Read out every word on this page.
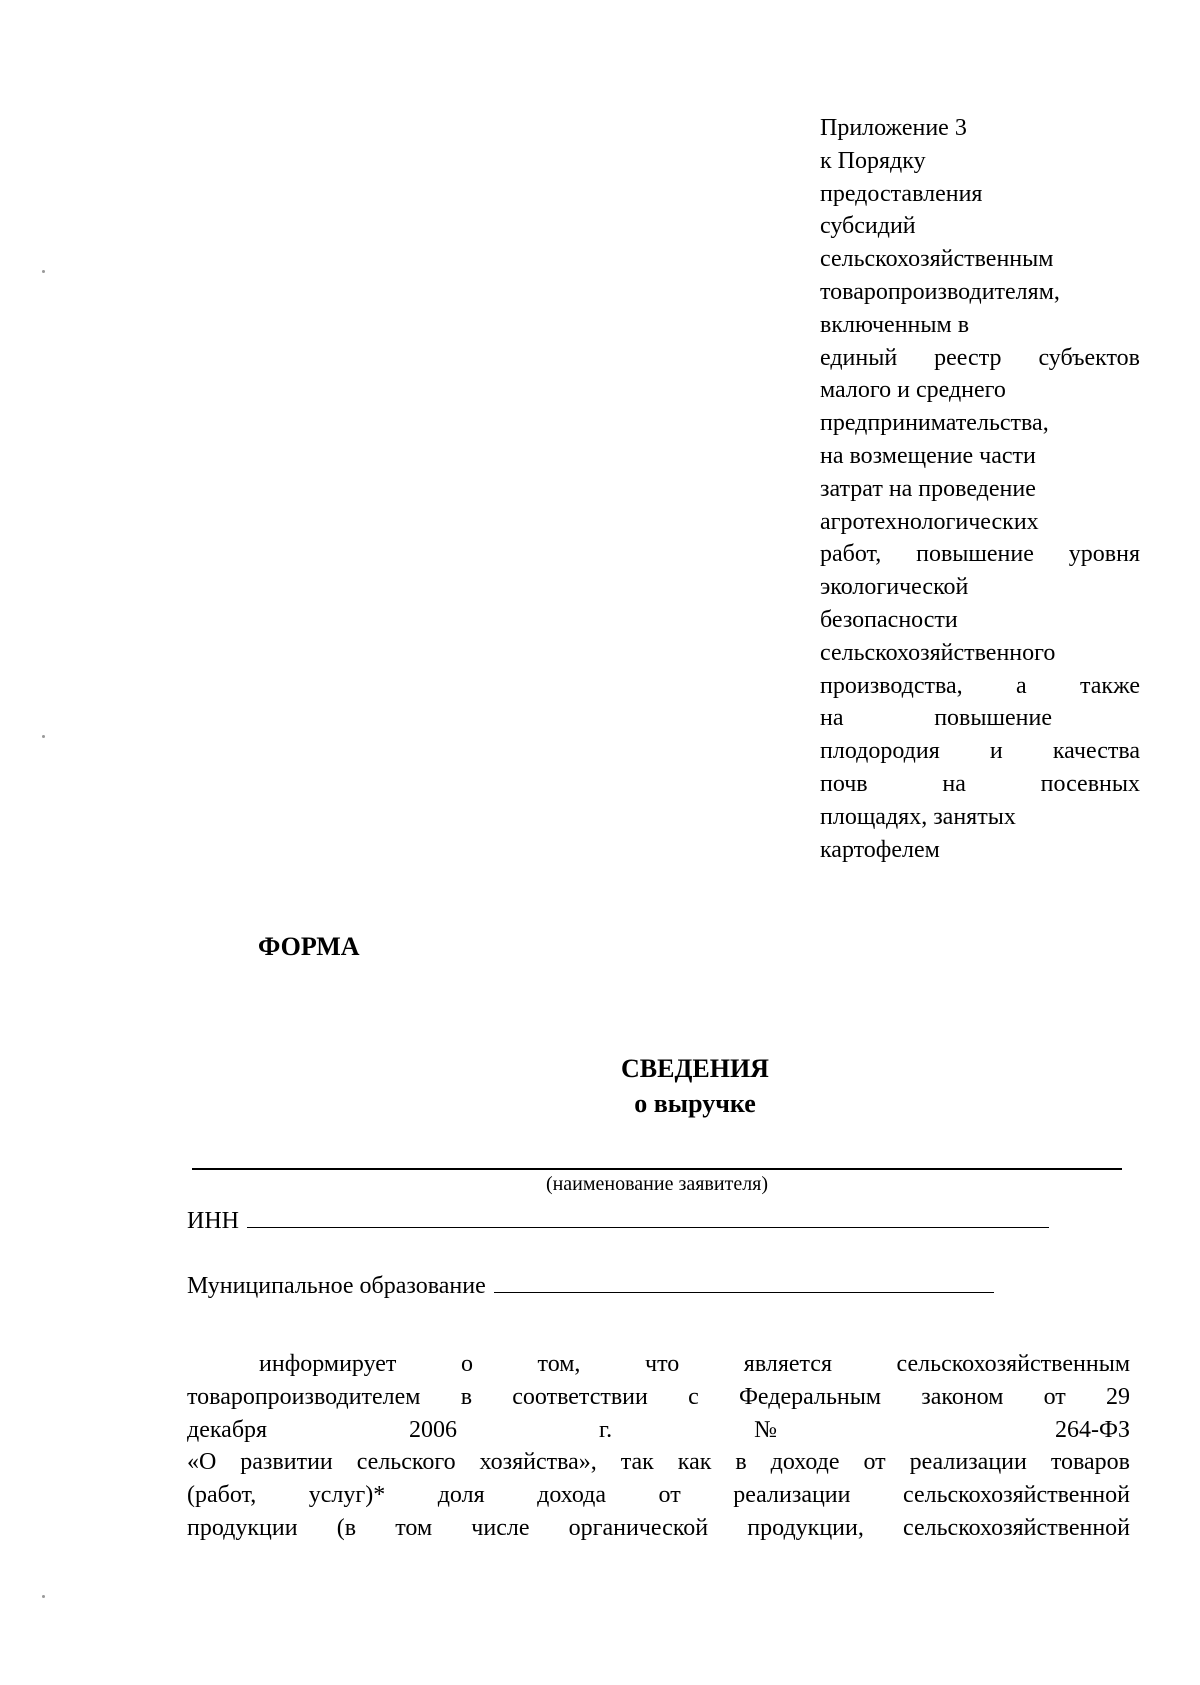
Приложение 3
к Порядку
предоставления
субсидий
сельскохозяйственным
товаропроизводителям,
включенным в
единый реестр субъектов
малого и среднего
предпринимательства,
на возмещение части
затрат на проведение
агротехнологических
работ, повышение уровня
экологической
безопасности
сельскохозяйственного
производства, а также
на повышение
плодородия и качества
почв на посевных
площадях, занятых
картофелем
ФОРМА
СВЕДЕНИЯ
о выручке
(наименование заявителя)
ИНН
Муниципальное образование
информирует о том, что является сельскохозяйственным
товаропроизводителем в соответствии с Федеральным законом от 29
декабря 2006 г. № 264-ФЗ
«О развитии сельского хозяйства», так как в доходе от реализации товаров
(работ, услуг)* доля дохода от реализации сельскохозяйственной
продукции (в том числе органической продукции, сельскохозяйственной
